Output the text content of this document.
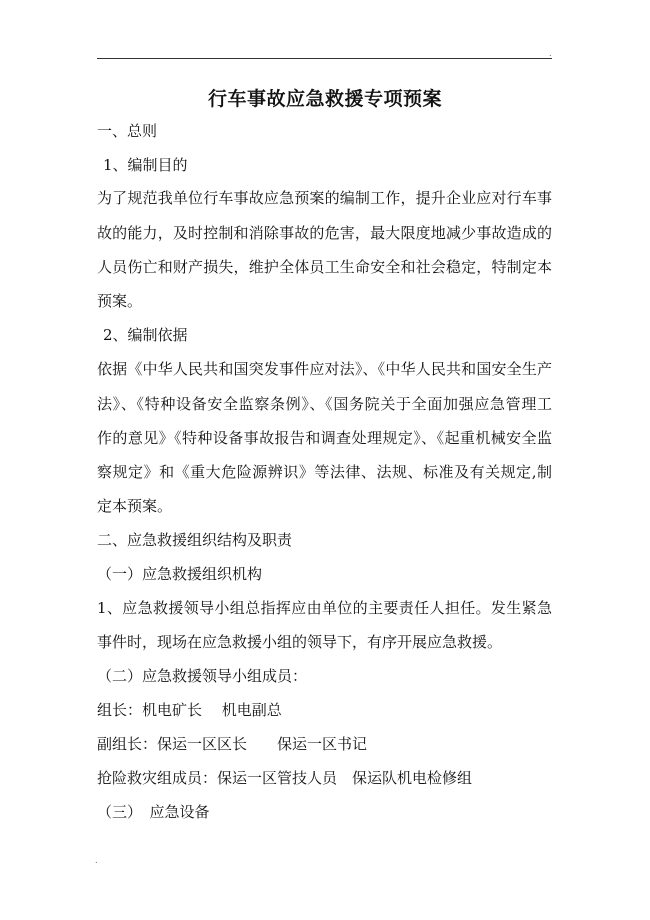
.
行车事故应急救援专项预案
一、总则
1、编制目的
为了规范我单位行车事故应急预案的编制工作，提升企业应对行车事
故的能力，及时控制和消除事故的危害，最大限度地减少事故造成的
人员伤亡和财产损失，维护全体员工生命安全和社会稳定，特制定本
预案。
2、编制依据
依据《中华人民共和国突发事件应对法》、《中华人民共和国安全生产
法》、《特种设备安全监察条例》、《国务院关于全面加强应急管理工
作的意见》《特种设备事故报告和调查处理规定》、《起重机械安全监
察规定》和《重大危险源辨识》等法律、法规、标准及有关规定,制
定本预案。
二、应急救援组织结构及职责
（一）应急救援组织机构
1、应急救援领导小组总指挥应由单位的主要责任人担任。发生紧急
事件时，现场在应急救援小组的领导下，有序开展应急救援。
（二）应急救援领导小组成员：
组长：机电矿长　 机电副总
副组长：保运一区区长　　保运一区书记
抢险救灾组成员：保运一区管技人员　保运队机电检修组
（三）　应急设备
.
